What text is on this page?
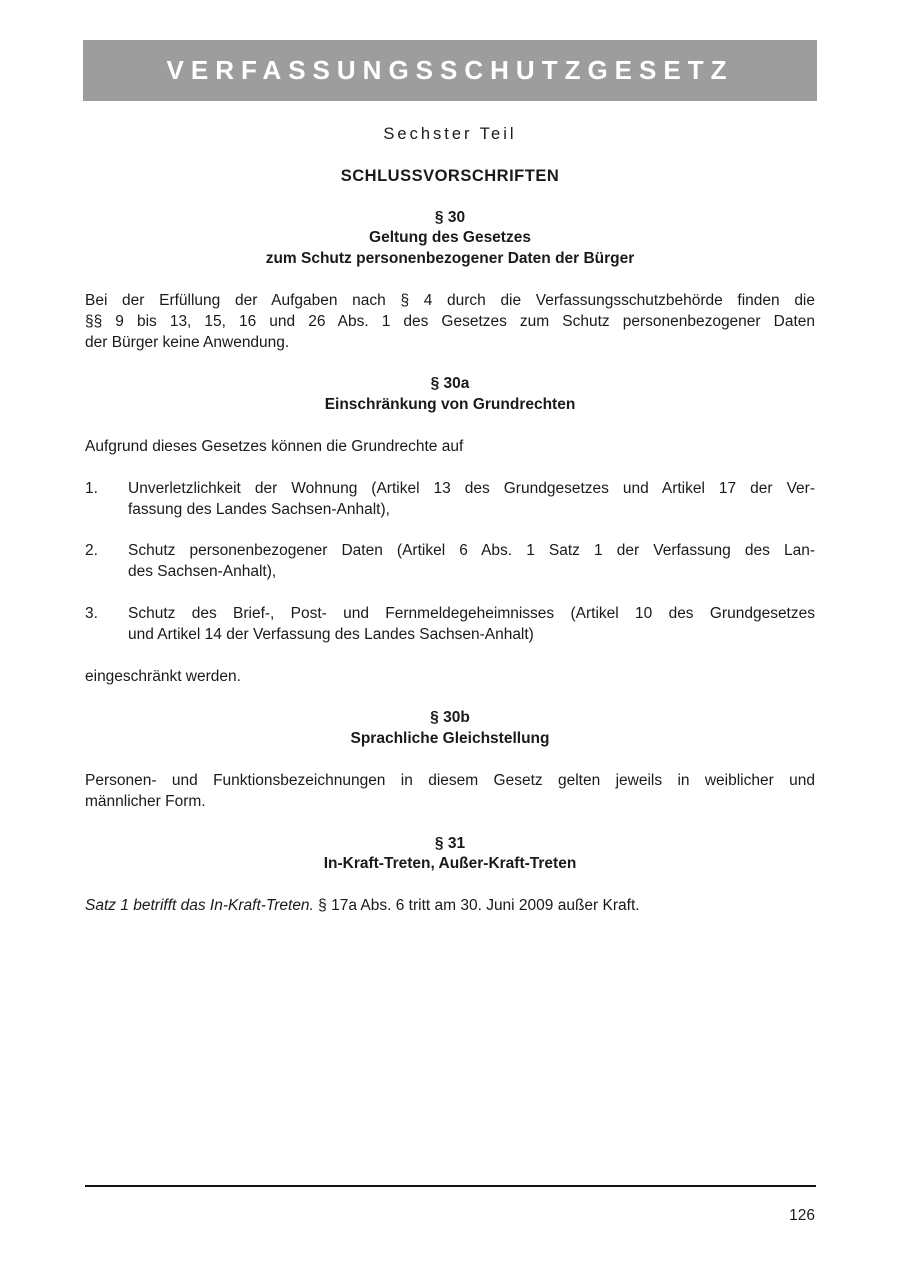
VERFASSUNGSSCHUTZGESETZ
Sechster Teil
SCHLUSSVORSCHRIFTEN
§ 30
Geltung des Gesetzes
zum Schutz personenbezogener Daten der Bürger
Bei der Erfüllung der Aufgaben nach § 4 durch die Verfassungsschutzbehörde finden die
§§ 9 bis 13, 15, 16 und 26 Abs. 1 des Gesetzes zum Schutz personenbezogener Daten
der Bürger keine Anwendung.
§ 30a
Einschränkung von Grundrechten
Aufgrund dieses Gesetzes können die Grundrechte auf
1.	Unverletzlichkeit der Wohnung (Artikel 13 des Grundgesetzes und Artikel 17 der Ver-
fassung des Landes Sachsen-Anhalt),
2.	Schutz personenbezogener Daten (Artikel 6 Abs. 1 Satz 1 der Verfassung des Lan-
des Sachsen-Anhalt),
3.	Schutz des Brief-, Post- und Fernmeldegeheimnisses (Artikel 10 des Grundgesetzes
und Artikel 14 der Verfassung des Landes Sachsen-Anhalt)
eingeschränkt werden.
§ 30b
Sprachliche Gleichstellung
Personen- und Funktionsbezeichnungen in diesem Gesetz gelten jeweils in weiblicher und
männlicher Form.
§ 31
In-Kraft-Treten, Außer-Kraft-Treten
Satz 1 betrifft das In-Kraft-Treten. § 17a Abs. 6 tritt am 30. Juni 2009 außer Kraft.
126
